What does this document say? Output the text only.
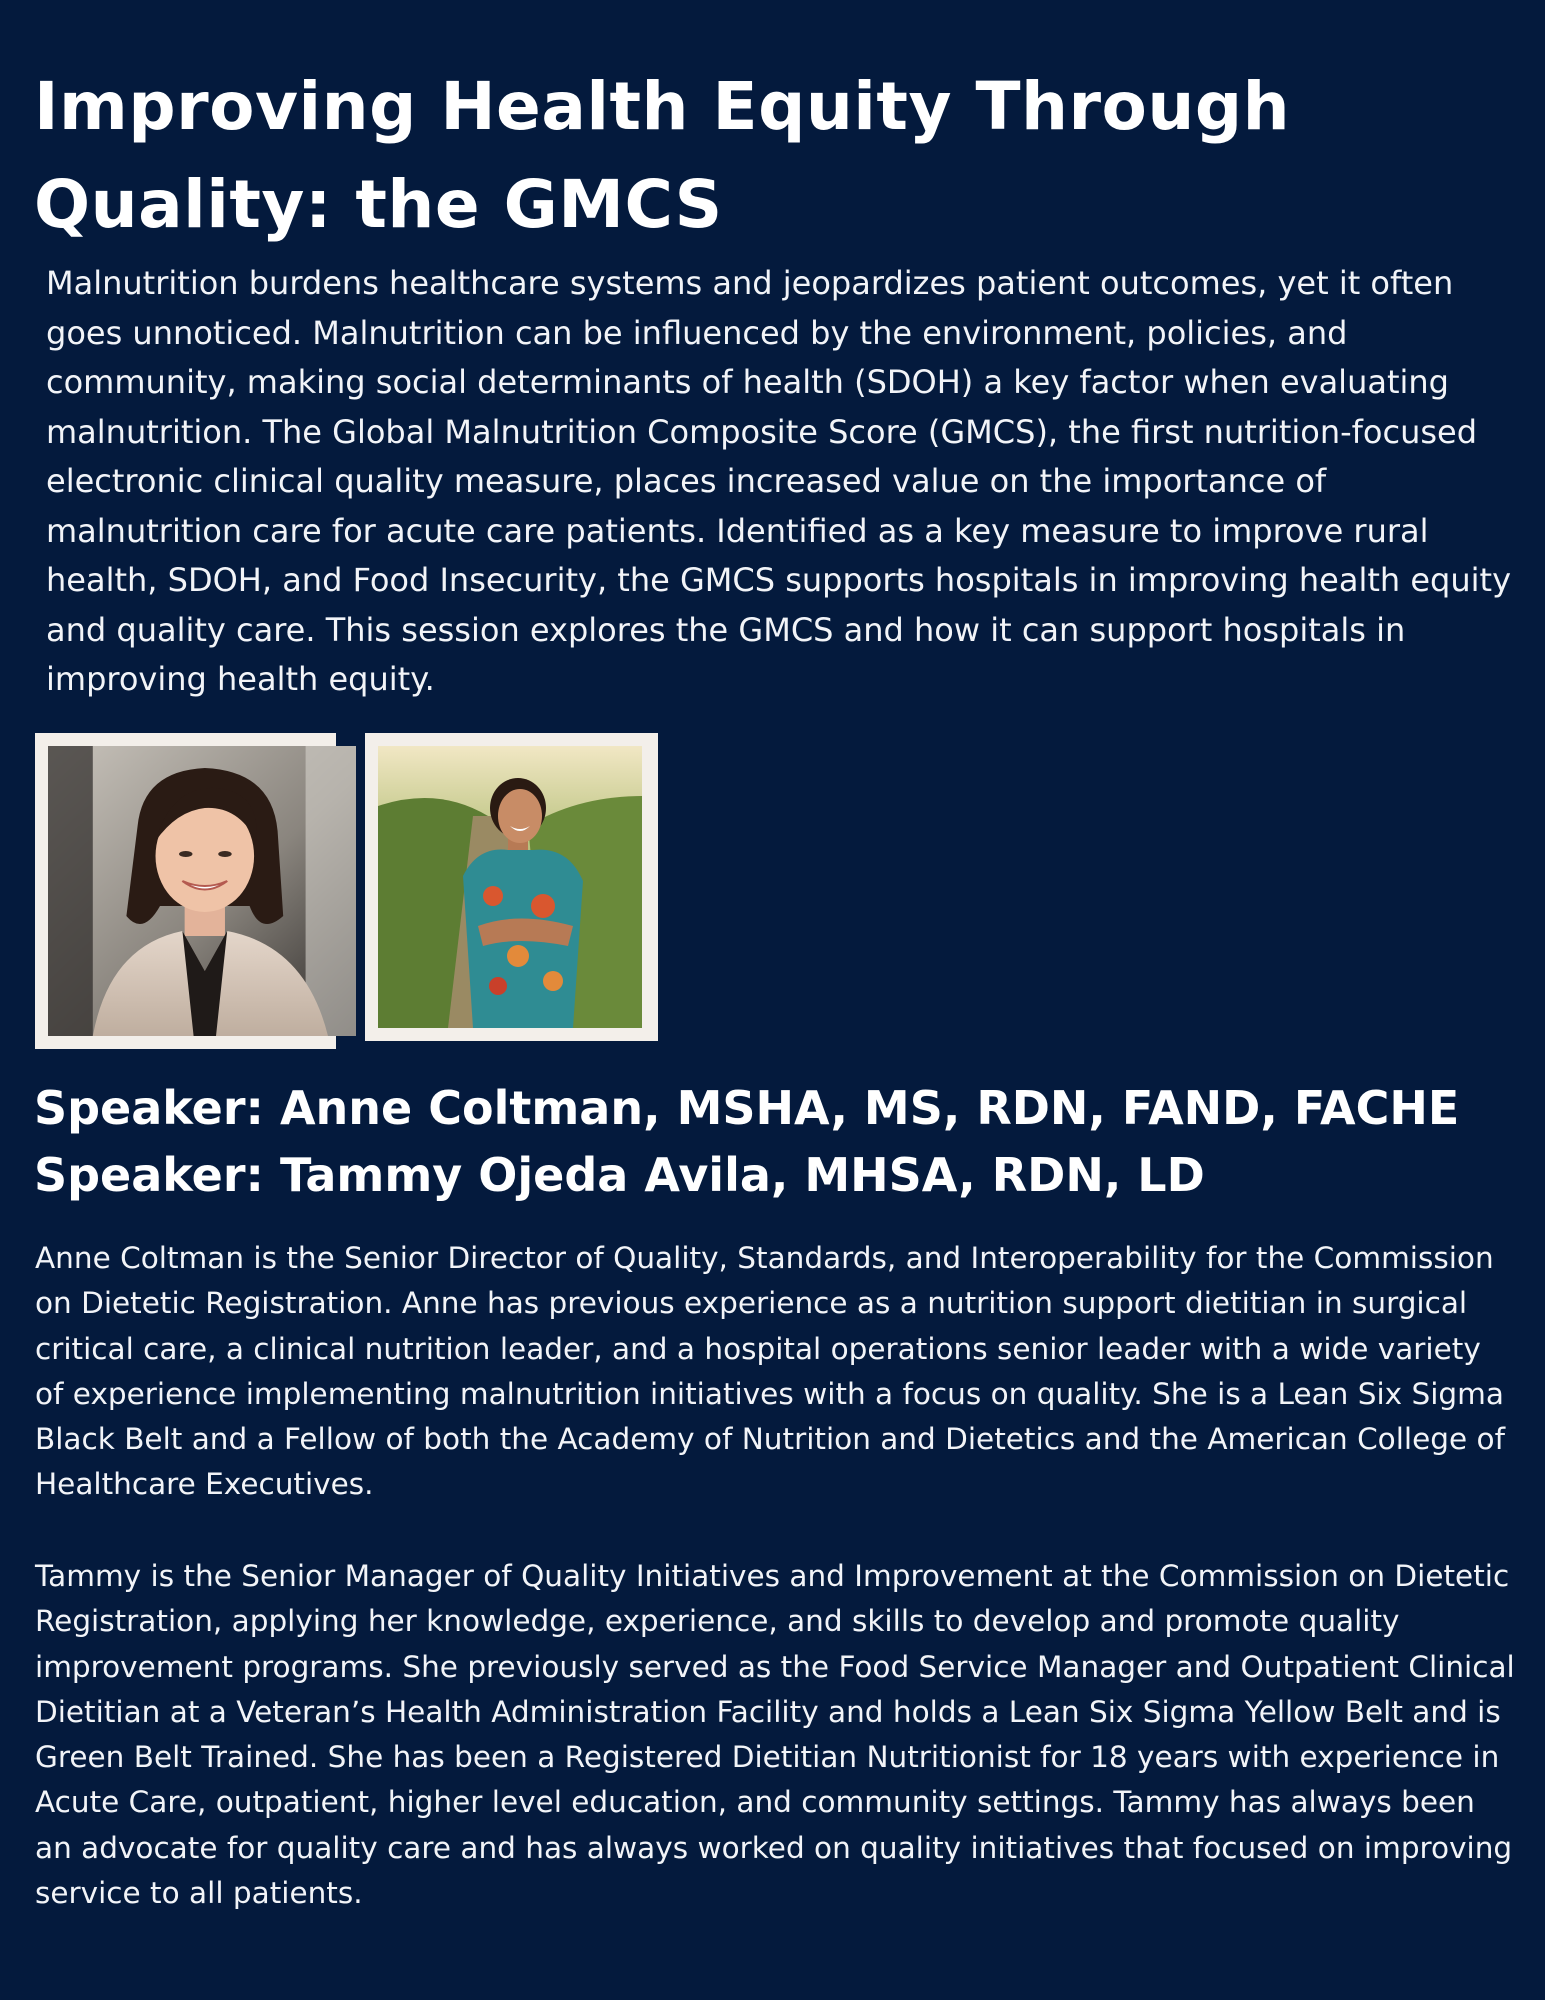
Improving Health Equity Through Quality: the GMCS

Malnutrition burdens healthcare systems and jeopardizes patient outcomes, yet it often goes unnoticed. Malnutrition can be influenced by the environment, policies, and community, making social determinants of health (SDOH) a key factor when evaluating malnutrition. The Global Malnutrition Composite Score (GMCS), the first nutrition-focused electronic clinical quality measure, places increased value on the importance of malnutrition care for acute care patients. Identified as a key measure to improve rural health, SDOH, and Food Insecurity, the GMCS supports hospitals in improving health equity and quality care. This session explores the GMCS and how it can support hospitals in improving health equity.

Speaker: Anne Coltman, MSHA, MS, RDN, FAND, FACHE
Speaker: Tammy Ojeda Avila, MHSA, RDN, LD

Anne Coltman is the Senior Director of Quality, Standards, and Interoperability for the Commission on Dietetic Registration. Anne has previous experience as a nutrition support dietitian in surgical critical care, a clinical nutrition leader, and a hospital operations senior leader with a wide variety of experience implementing malnutrition initiatives with a focus on quality. She is a Lean Six Sigma Black Belt and a Fellow of both the Academy of Nutrition and Dietetics and the American College of Healthcare Executives.

Tammy is the Senior Manager of Quality Initiatives and Improvement at the Commission on Dietetic Registration, applying her knowledge, experience, and skills to develop and promote quality improvement programs. She previously served as the Food Service Manager and Outpatient Clinical Dietitian at a Veteran’s Health Administration Facility and holds a Lean Six Sigma Yellow Belt and is Green Belt Trained. She has been a Registered Dietitian Nutritionist for 18 years with experience in Acute Care, outpatient, higher level education, and community settings. Tammy has always been an advocate for quality care and has always worked on quality initiatives that focused on improving service to all patients.
